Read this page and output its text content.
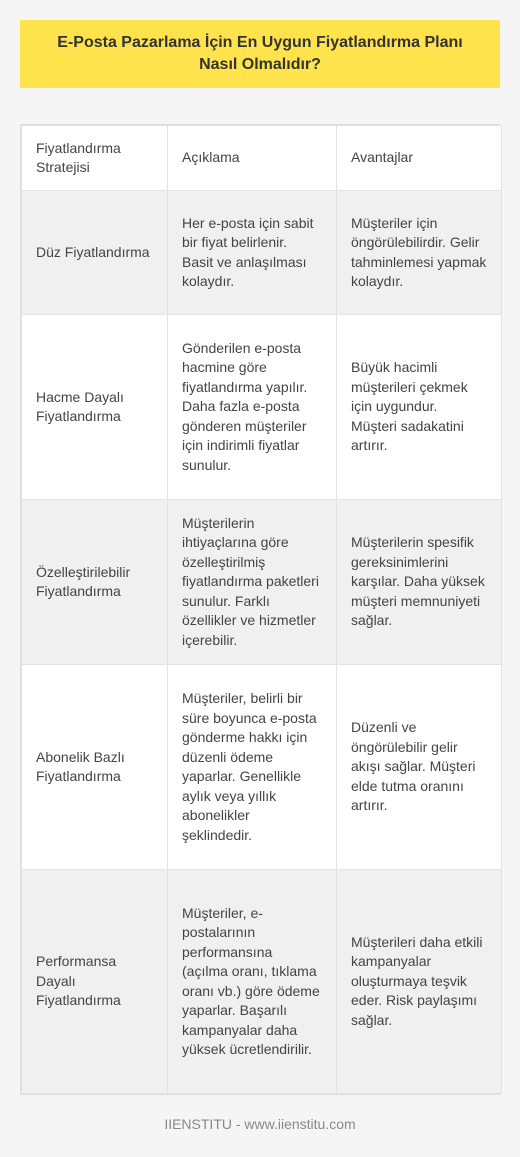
E-Posta Pazarlama İçin En Uygun Fiyatlandırma Planı Nasıl Olmalıdır?
Fiyatlandırma Stratejisi	Açıklama	Avantajlar
Düz Fiyatlandırma	Her e-posta için sabit bir fiyat belirlenir. Basit ve anlaşılması kolaydır.	Müşteriler için öngörülebilirdir. Gelir tahminlemesi yapmak kolaydır.
Hacme Dayalı Fiyatlandırma	Gönderilen e-posta hacmine göre fiyatlandırma yapılır. Daha fazla e-posta gönderen müşteriler için indirimli fiyatlar sunulur.	Büyük hacimli müşterileri çekmek için uygundur. Müşteri sadakatini artırır.
Özelleştirilebilir Fiyatlandırma	Müşterilerin ihtiyaçlarına göre özelleştirilmiş fiyatlandırma paketleri sunulur. Farklı özellikler ve hizmetler içerebilir.	Müşterilerin spesifik gereksinimlerini karşılar. Daha yüksek müşteri memnuniyeti sağlar.
Abonelik Bazlı Fiyatlandırma	Müşteriler, belirli bir süre boyunca e-posta gönderme hakkı için düzenli ödeme yaparlar. Genellikle aylık veya yıllık abonelikler şeklindedir.	Düzenli ve öngörülebilir gelir akışı sağlar. Müşteri elde tutma oranını artırır.
Performansa Dayalı Fiyatlandırma	Müşteriler, e-postalarının performansına (açılma oranı, tıklama oranı vb.) göre ödeme yaparlar. Başarılı kampanyalar daha yüksek ücretlendirilir.	Müşterileri daha etkili kampanyalar oluşturmaya teşvik eder. Risk paylaşımı sağlar.
IIENSTITU - www.iienstitu.com
